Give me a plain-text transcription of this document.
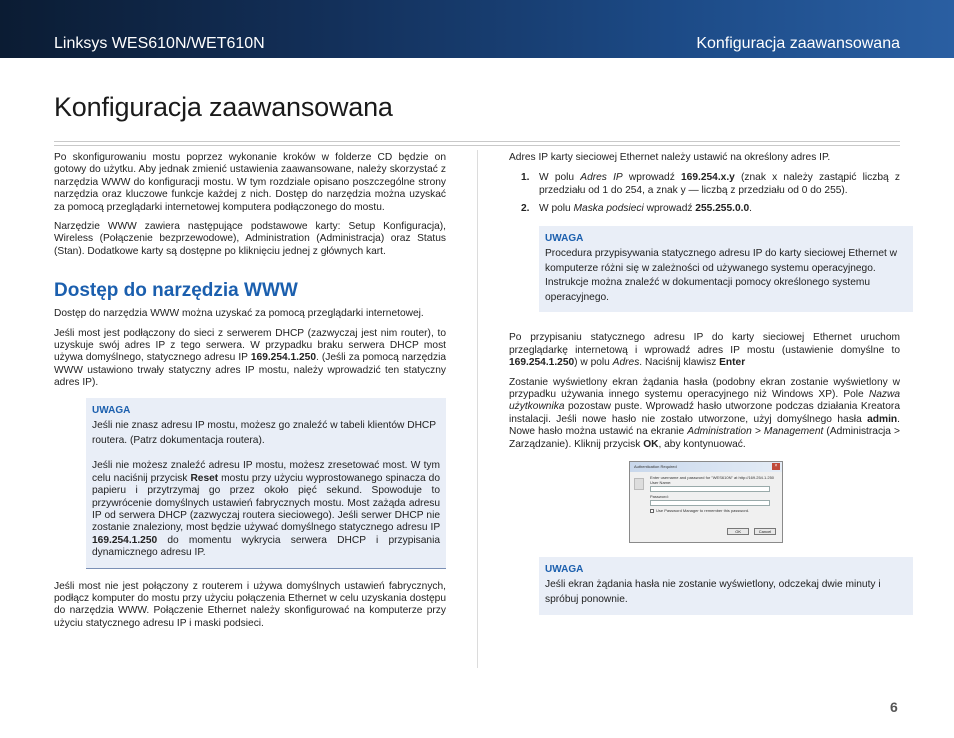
Linksys WES610N/WET610N	Konfiguracja zaawansowana
Konfiguracja zaawansowana

Po skonfigurowaniu mostu poprzez wykonanie kroków w folderze CD będzie on gotowy do użytku. Aby jednak zmienić ustawienia zaawansowane, należy skorzystać z narzędzia WWW do konfiguracji mostu. W tym rozdziale opisano poszczególne strony narzędzia oraz kluczowe funkcje każdej z nich. Dostęp do narzędzia można uzyskać za pomocą przeglądarki internetowej komputera podłączonego do mostu.

Narzędzie WWW zawiera następujące podstawowe karty: Setup Konfiguracja), Wireless (Połączenie bezprzewodowe), Administration (Administracja) oraz Status (Stan). Dodatkowe karty są dostępne po kliknięciu jednej z głównych kart.

Dostęp do narzędzia WWW

Dostęp do narzędzia WWW można uzyskać za pomocą przeglądarki internetowej.

Jeśli most jest podłączony do sieci z serwerem DHCP (zazwyczaj jest nim router), to uzyskuje swój adres IP z tego serwera. W przypadku braku serwera DHCP most używa domyślnego, statycznego adresu IP 169.254.1.250. (Jeśli za pomocą narzędzia WWW ustawiono trwały statyczny adres IP mostu, należy wprowadzić ten statyczny adres IP).

UWAGA

Jeśli nie znasz adresu IP mostu, możesz go znaleźć w tabeli klientów DHCP routera. (Patrz dokumentacja routera).

Jeśli nie możesz znaleźć adresu IP mostu, możesz zresetować most. W tym celu naciśnij przycisk Reset mostu przy użyciu wyprostowanego spinacza do papieru i przytrzymaj go przez około pięć sekund. Spowoduje to przywrócenie domyślnych ustawień fabrycznych mostu. Most zażąda adresu IP od serwera DHCP (zazwyczaj routera sieciowego). Jeśli serwer DHCP nie zostanie znaleziony, most będzie używać domyślnego statycznego adresu IP 169.254.1.250 do momentu wykrycia serwera DHCP i przypisania dynamicznego adresu IP.

Jeśli most nie jest połączony z routerem i używa domyślnych ustawień fabrycznych, podłącz komputer do mostu przy użyciu połączenia Ethernet w celu uzyskania dostępu do narzędzia WWW. Połączenie Ethernet należy skonfigurować na komputerze przy użyciu statycznego adresu IP i maski podsieci.

Adres IP karty sieciowej Ethernet należy ustawić na określony adres IP.

1. W polu Adres IP wprowadź 169.254.x.y (znak x należy zastąpić liczbą z przedziału od 1 do 254, a znak y — liczbą z przedziału od 0 do 255).
2. W polu Maska podsieci wprowadź 255.255.0.0.
UWAGA

Procedura przypisywania statycznego adresu IP do karty sieciowej Ethernet w komputerze różni się w zależności od używanego systemu operacyjnego. Instrukcje można znaleźć w dokumentacji pomocy określonego systemu operacyjnego.

Po przypisaniu statycznego adresu IP do karty sieciowej Ethernet uruchom przeglądarkę internetową i wprowadź adres IP mostu (ustawienie domyślne to 169.254.1.250) w polu Adres. Naciśnij klawisz Enter

Zostanie wyświetlony ekran żądania hasła (podobny ekran zostanie wyświetlony w przypadku używania innego systemu operacyjnego niż Windows XP). Pole Nazwa użytkownika pozostaw puste. Wprowadź hasło utworzone podczas działania Kreatora instalacji. Jeśli nowe hasło nie zostało utworzone, użyj domyślnego hasła admin. Nowe hasło można ustawić na ekranie Administration > Management (Administracja > Zarządzanie). Kliknij przycisk OK, aby kontynuować.

Authentication Required	×
Enter username and password for "WES610N" at http://169.254.1.250
User Name:
Password:
Use Password Manager to remember this password.
OK	Cancel
UWAGA

Jeśli ekran żądania hasła nie zostanie wyświetlony, odczekaj dwie minuty i spróbuj ponownie.

6
